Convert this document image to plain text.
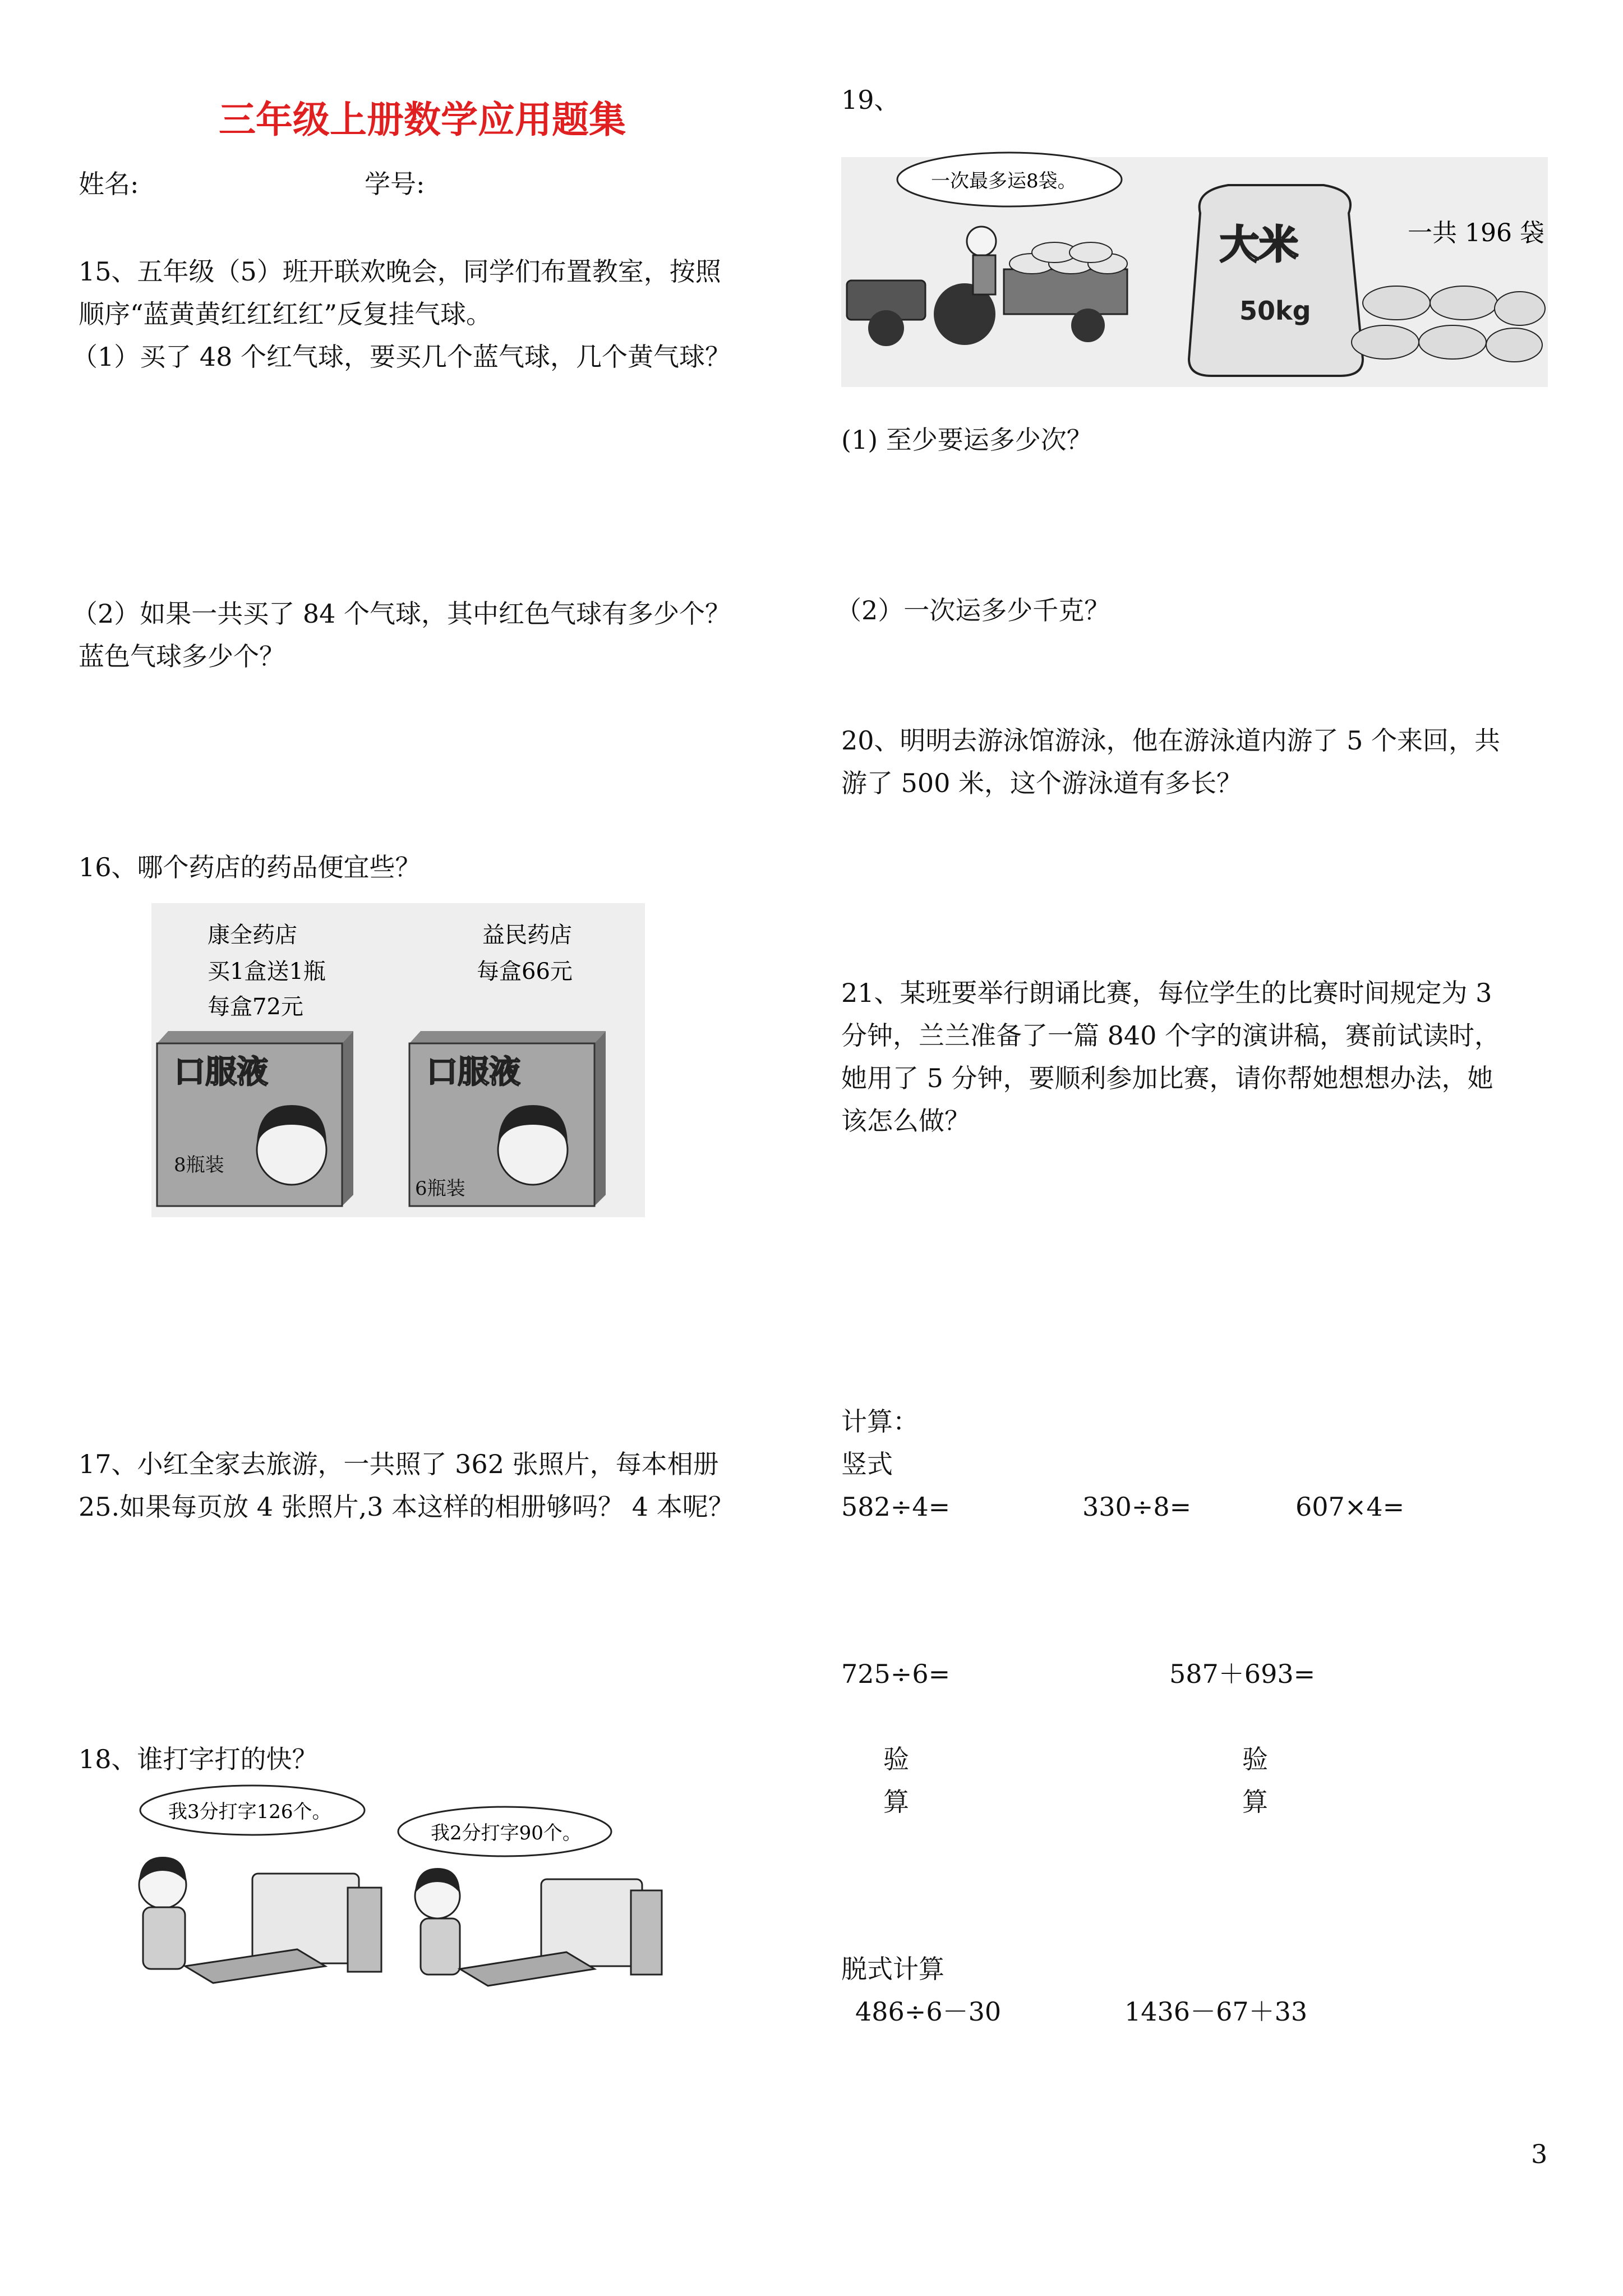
三年级上册数学应用题集

姓名:	学号:

15、五年级（5）班开联欢晚会，同学们布置教室，按照

顺序“蓝黄黄红红红红”反复挂气球。

（1）买了 48 个红气球，要买几个蓝气球，几个黄气球？

（2）如果一共买了 84 个气球，其中红色气球有多少个？

蓝色气球多少个？

16、哪个药店的药品便宜些？

康全药店
买1盒送1瓶
每盒72元
益民药店
每盒66元
口服液
8瓶装
口服液
6瓶装

17、小红全家去旅游，一共照了 362 张照片，每本相册

25.如果每页放 4 张照片,3 本这样的相册够吗？ 4 本呢？

18、谁打字打的快？

我3分打字126个。
我2分打字90个。

19、

一次最多运8袋。
大米
50kg
一共 196 袋

(1) 至少要运多少次？

（2）一次运多少千克？

20、明明去游泳馆游泳，他在游泳道内游了 5 个来回，共

游了 500 米，这个游泳道有多长？

21、某班要举行朗诵比赛，每位学生的比赛时间规定为 3

分钟，兰兰准备了一篇 840 个字的演讲稿，赛前试读时，

她用了 5 分钟，要顺利参加比赛，请你帮她想想办法，她

该怎么做？

计算：

竖式

582÷4=	330÷8=	607×4=

725÷6=	587＋693=

验

算

验

算

脱式计算

486÷6－30	1436－67＋33

3
